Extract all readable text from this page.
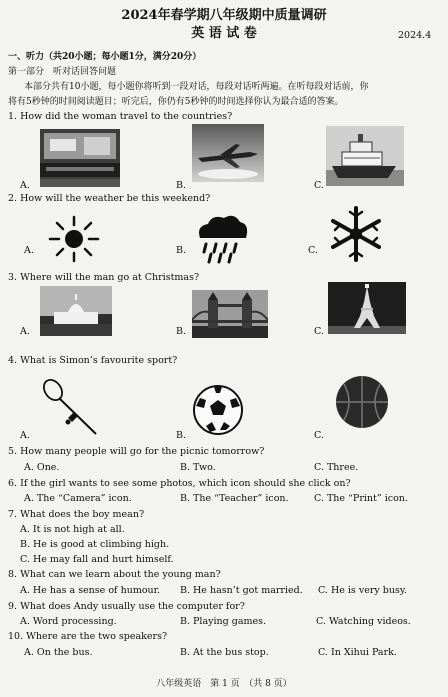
2024年春学期八年级期中质量调研
英 语 试 卷	2024.4
一、听力（共20小题；每小题1分，满分20分）
第一部分　听对话回答问题
本部分共有10小题，每小题你将听到一段对话，每段对话听两遍。在听每段对话前，你
将有5秒钟的时间阅读题目；听完后，你仍有5秒钟的时间选择你认为最合适的答案。
1. How did the woman travel to the countries?
A.	B.	C.
2. How will the weather be this weekend?
A.	B.	C.
3. Where will the man go at Christmas?
A.	B.	C.
4. What is Simon’s favourite sport?
A.	B.	C.
5. How many people will go for the picnic tomorrow?
A. One.	B. Two.	C. Three.
6. If the girl wants to see some photos, which icon should she click on?
A. The “Camera” icon.	B. The “Teacher” icon.	C. The “Print” icon.
7. What does the boy mean?
A. It is not high at all.
B. He is good at climbing high.
C. He may fall and hurt himself.
8. What can we learn about the young man?
A. He has a sense of humour. B. He hasn’t got married. C. He is very busy.
9. What does Andy usually use the computer for?
A. Word processing.	B. Playing games.	C. Watching videos.
10. Where are the two speakers?
A. On the bus.	B. At the bus stop.	C. In Xihui Park.
八年级英语　第 1 页　（共 8 页）
